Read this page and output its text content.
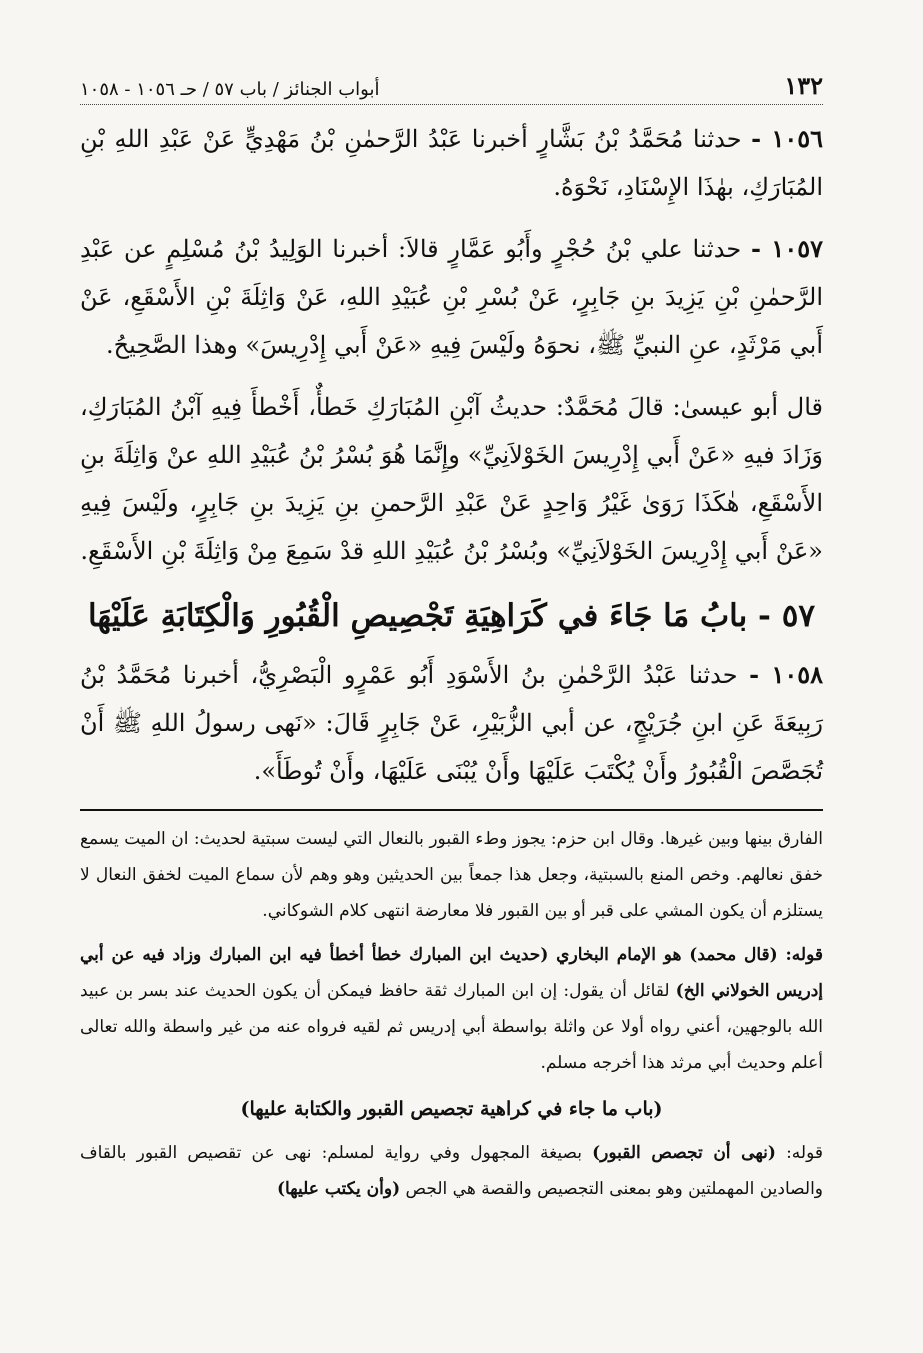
١٣٢
أبواب الجنائز / باب ٥٧ / حـ ١٠٥٦ - ١٠٥٨

١٠٥٦ - حدثنا مُحَمَّدُ بْنُ بَشَّارٍ أخبرنا عَبْدُ الرَّحمٰنِ بْنُ مَهْدِيٍّ عَنْ عَبْدِ اللهِ بْنِ المُبَارَكِ، بهٰذَا الإِسْنَادِ، نَحْوَهُ.

١٠٥٧ - حدثنا علي بْنُ حُجْرٍ وأَبُو عَمَّارٍ قالاَ: أخبرنا الوَلِيدُ بْنُ مُسْلِمٍ عن عَبْدِ الرَّحمٰنِ بْنِ يَزِيدَ بنِ جَابِرٍ، عَنْ بُسْرِ بْنِ عُبَيْدِ اللهِ، عَنْ وَاثِلَةَ بْنِ الأَسْقَعِ، عَنْ أَبي مَرْثَدٍ، عنِ النبيِّ ﷺ، نحوَهُ ولَيْسَ فِيهِ «عَنْ أَبي إِدْرِيسَ» وهذا الصَّحِيحُ.

قال أبو عيسىٰ: قالَ مُحَمَّدٌ: حديثُ آبْنِ المُبَارَكِ خَطأٌ، أَخْطأَ فِيهِ آبْنُ المُبَارَكِ، وَزَادَ فيهِ «عَنْ أَبي إِدْرِيسَ الخَوْلاَنِيِّ» وإِنَّمَا هُوَ بُسْرُ بْنُ عُبَيْدِ اللهِ عنْ وَاثِلَةَ بنِ الأَسْقَعِ، هٰكَذَا رَوَىٰ غَيْرُ وَاحِدٍ عَنْ عَبْدِ الرَّحمنِ بنِ يَزِيدَ بنِ جَابِرٍ، ولَيْسَ فِيهِ «عَنْ أَبي إِدْرِيسَ الخَوْلاَنِيِّ» وبُسْرُ بْنُ عُبَيْدِ اللهِ قدْ سَمِعَ مِنْ وَاثِلَةَ بْنِ الأَسْقَعِ.

٥٧ - بابُ مَا جَاءَ في كَرَاهِيَةِ تَجْصِيصِ الْقُبُورِ وَالْكِتَابَةِ عَلَيْهَا

١٠٥٨ - حدثنا عَبْدُ الرَّحْمٰنِ بنُ الأَسْوَدِ أَبُو عَمْرٍو الْبَصْرِيُّ، أخبرنا مُحَمَّدُ بْنُ رَبِيعَةَ عَنِ ابنِ جُرَيْجٍ، عن أبي الزُّبَيْرِ، عَنْ جَابِرٍ قَالَ: «نَهى رسولُ اللهِ ﷺ أَنْ تُجَصَّصَ الْقُبُورُ وأَنْ يُكْتَبَ عَلَيْهَا وأَنْ يُبْنَى عَلَيْهَا، وأَنْ تُوطَأَ».

الفارق بينها وبين غيرها. وقال ابن حزم: يجوز وطء القبور بالنعال التي ليست سبتية لحديث: ان الميت يسمع خفق نعالهم. وخص المنع بالسبتية، وجعل هذا جمعاً بين الحديثين وهو وهم لأن سماع الميت لخفق النعال لا يستلزم أن يكون المشي على قبر أو بين القبور فلا معارضة انتهى كلام الشوكاني.

قوله: (قال محمد) هو الإمام البخاري (حديث ابن المبارك خطأ أخطأ فيه ابن المبارك وزاد فيه عن أبي إدريس الخولاني الخ) لقائل أن يقول: إن ابن المبارك ثقة حافظ فيمكن أن يكون الحديث عند بسر بن عبيد الله بالوجهين، أعني رواه أولا عن واثلة بواسطة أبي إدريس ثم لقيه فرواه عنه من غير واسطة والله تعالى أعلم وحديث أبي مرثد هذا أخرجه مسلم.

(باب ما جاء في كراهية تجصيص القبور والكتابة عليها)

قوله: (نهى أن تجصص القبور) بصيغة المجهول وفي رواية لمسلم: نهى عن تقصيص القبور بالقاف والصادين المهملتين وهو بمعنى التجصيص والقصة هي الجص (وأن يكتب عليها)
